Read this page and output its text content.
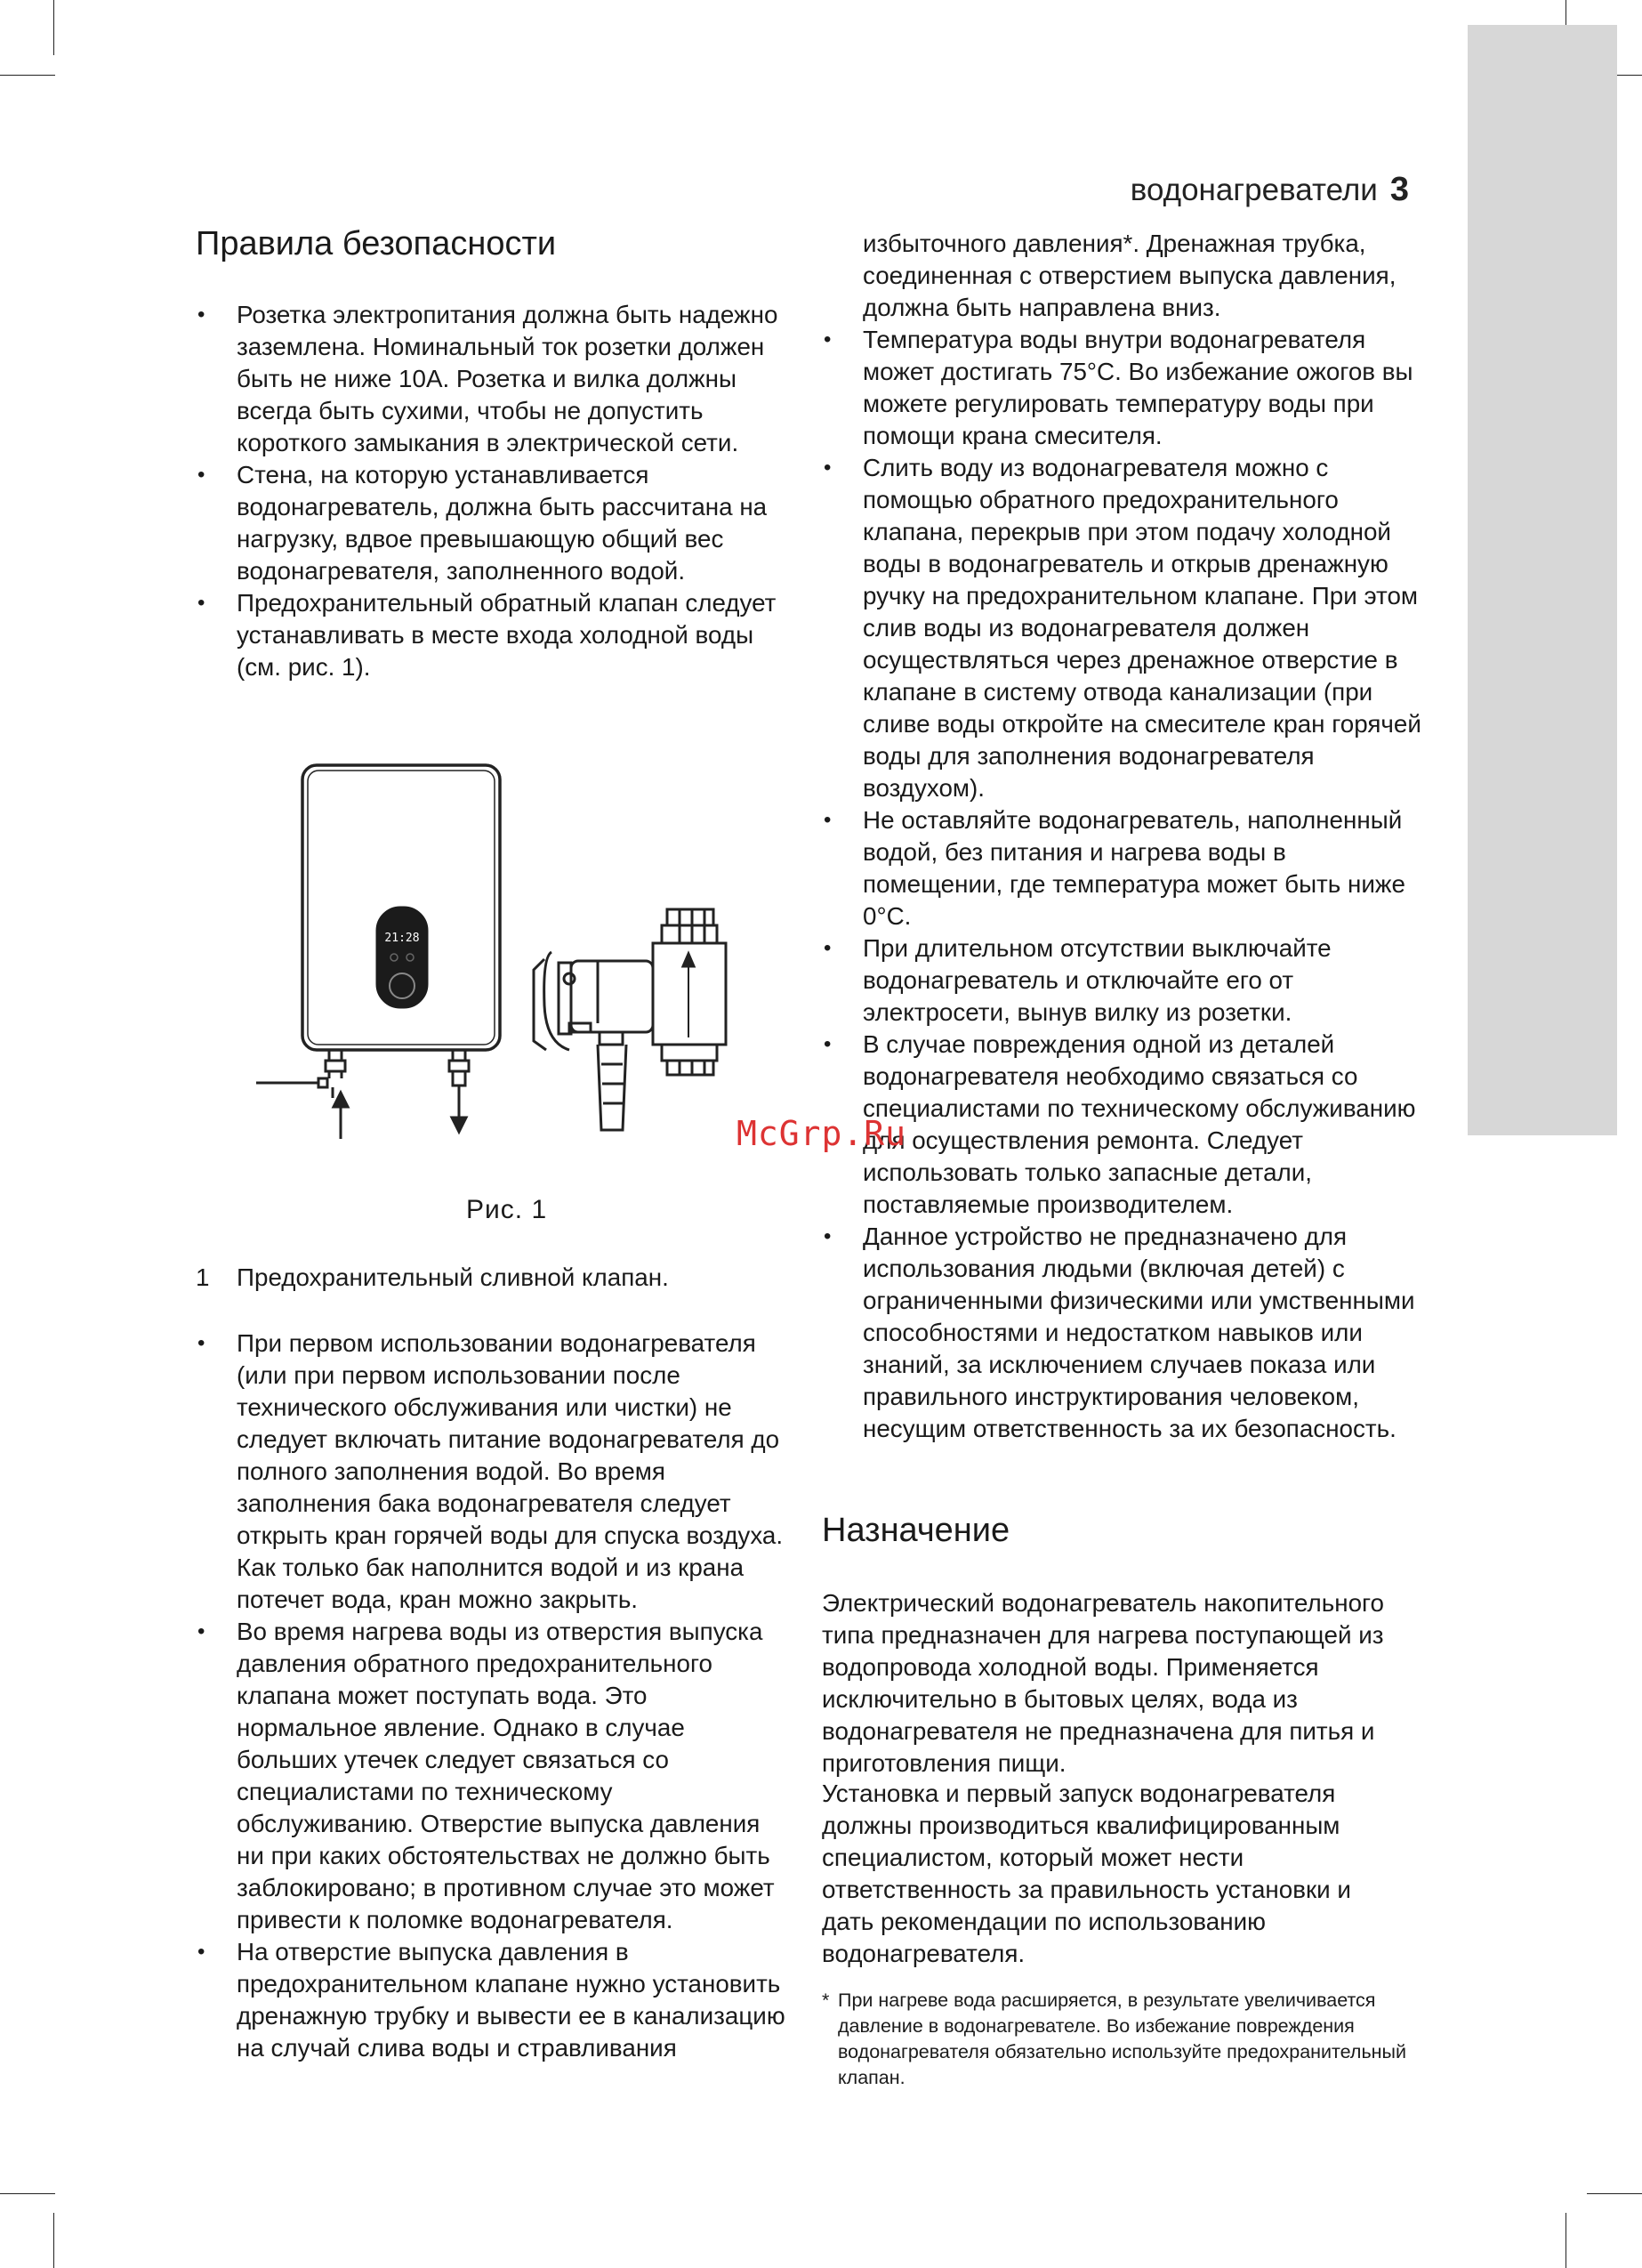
водонагреватели 3
Правила безопасности
• Розетка электропитания должна быть надежно заземлена. Номинальный ток розетки должен быть не ниже 10А. Розетка и вилка должны всегда быть сухими, чтобы не допустить короткого замыкания в электрической сети.
• Стена, на которую устанавливается водонагреватель, должна быть рассчитана на нагрузку, вдвое превышающую общий вес водонагревателя, заполненного водой.
• Предохранительный обратный клапан следует устанавливать в месте входа холодной воды (см. рис. 1).
Рис. 1
1 Предохранительный сливной клапан.
• При первом использовании водонагревателя (или при первом использовании после технического обслуживания или чистки) не следует включать питание водонагревателя до полного заполнения водой. Во время заполнения бака водонагревателя следует открыть кран горячей воды для спуска воздуха. Как только бак наполнится водой и из крана потечет вода, кран можно закрыть.
• Во время нагрева воды из отверстия выпуска давления обратного предохранительного клапана может поступать вода. Это нормальное явление. Однако в случае больших утечек следует связаться со специалистами по техническому обслуживанию. Отверстие выпуска давления ни при каких обстоятельствах не должно быть заблокировано; в противном случае это может привести к поломке водонагревателя.
• На отверстие выпуска давления в предохранительном клапане нужно установить дренажную трубку и вывести ее в канализацию на случай слива воды и стравливания
21:28

избыточного давления*. Дренажная трубка, соединенная с отверстием выпуска давления, должна быть направлена вниз.

• Температура воды внутри водонагревателя может достигать 75°С. Во избежание ожогов вы можете регулировать температуру воды при помощи крана смесителя.
• Слить воду из водонагревателя можно с помощью обратного предохранительного клапана, перекрыв при этом подачу холодной воды в водонагреватель и открыв дренажную ручку на предохранительном клапане. При этом слив воды из водонагревателя должен осуществляться через дренажное отверстие в клапане в систему отвода канализации (при сливе воды откройте на смесителе кран горячей воды для заполнения водонагревателя воздухом).
• Не оставляйте водонагреватель, наполненный водой, без питания и нагрева воды в помещении, где температура может быть ниже 0°С.
• При длительном отсутствии выключайте водонагреватель и отключайте его от электросети, вынув вилку из розетки.
• В случае повреждения одной из деталей водонагревателя необходимо связаться со специалистами по техническому обслуживанию для осуществления ремонта. Следует использовать только запасные детали, поставляемые производителем.
• Данное устройство не предназначено для использования людьми (включая детей) с ограниченными физическими или умственными способностями и недостатком навыков или знаний, за исключением случаев показа или правильного инструктирования человеком, несущим ответственность за их безопасность.
Назначение

Электрический водонагреватель накопительного типа предназначен для нагрева поступающей из водопровода холодной воды. Применяется исключительно в бытовых целях, вода из водонагревателя не предназначена для питья и приготовления пищи.

Установка и первый запуск водонагревателя должны производиться квалифицированным специалистом, который может нести ответственность за правильность установки и дать рекомендации по использованию водонагревателя.

* При нагреве вода расширяется, в результате увеличивается давление в водонагревателе. Во избежание повреждения водонагревателя обязательно используйте предохранительный клапан.
McGrp.Ru
